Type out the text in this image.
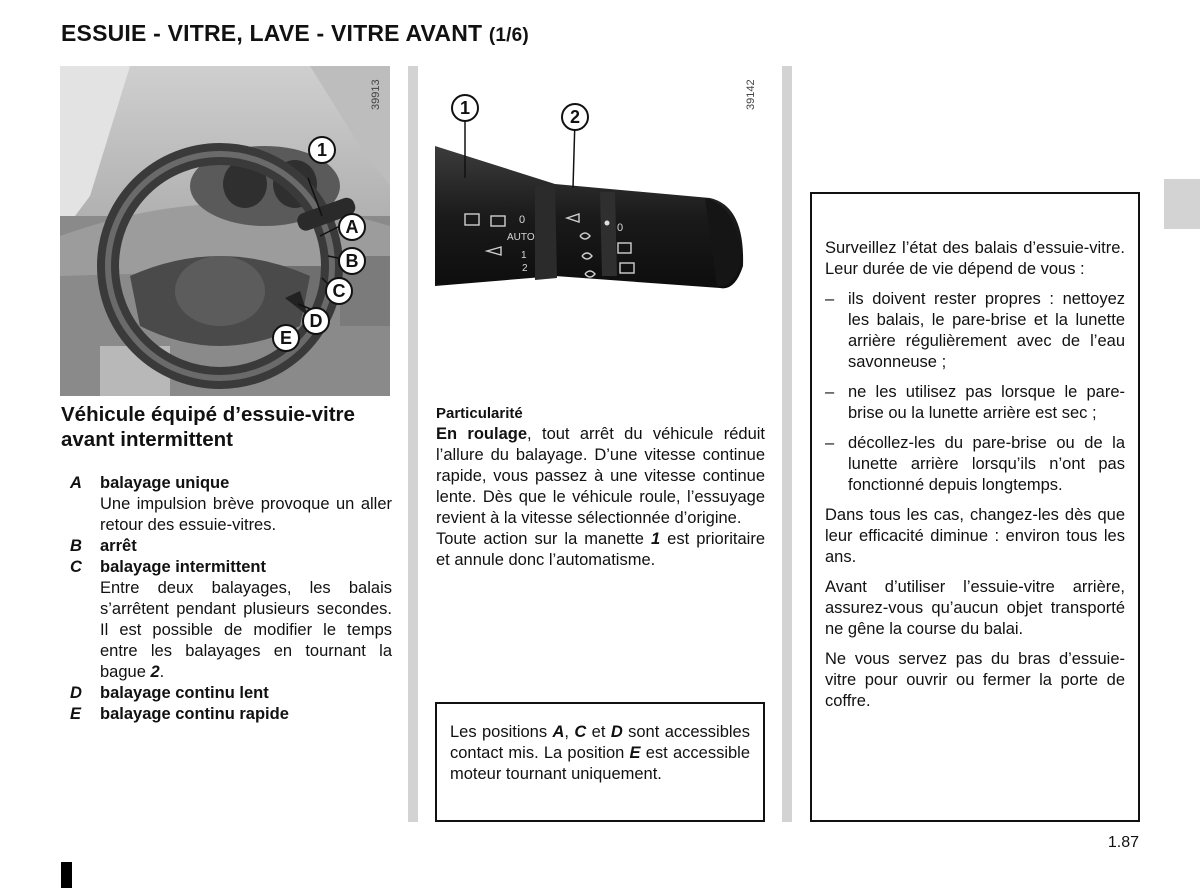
ESSUIE - VITRE, LAVE - VITRE AVANT (1/6)
39913
1
A
B
C
D
E
0
AUTO
1
2
0
39142
1	2
Véhicule équipé d’essuie-vitre avant intermittent
A balayage unique
Une impulsion brève provoque un aller retour des essuie-vitres.
B arrêt
C balayage intermittent
Entre deux balayages, les balais s’arrêtent pendant plusieurs secondes. Il est possible de modifier le temps entre les balayages en tournant la bague 2.
D balayage continu lent
E balayage continu rapide
Particularité
En roulage, tout arrêt du véhicule réduit l’allure du balayage. D’une vitesse continue rapide, vous passez à une vitesse continue lente. Dès que le véhicule roule, l’essuyage revient à la vitesse sélectionnée d’origine.
Toute action sur la manette 1 est prioritaire et annule donc l’automatisme.

Les positions A, C et D sont accessibles contact mis. La position E est accessible moteur tournant uniquement.

Surveillez l’état des balais d’essuie-vitre. Leur durée de vie dépend de vous :

– ils doivent rester propres : nettoyez les balais, le pare-brise et la lunette arrière régulièrement avec de l’eau savonneuse ;
– ne les utilisez pas lorsque le pare-brise ou la lunette arrière est sec ;
– décollez-les du pare-brise ou de la lunette arrière lorsqu’ils n’ont pas fonctionné depuis longtemps.

Dans tous les cas, changez-les dès que leur efficacité diminue : environ tous les ans.

Avant d’utiliser l’essuie-vitre arrière, assurez-vous qu’aucun objet transporté ne gêne la course du balai.

Ne vous servez pas du bras d’essuie-vitre pour ouvrir ou fermer la porte de coffre.

1.87
